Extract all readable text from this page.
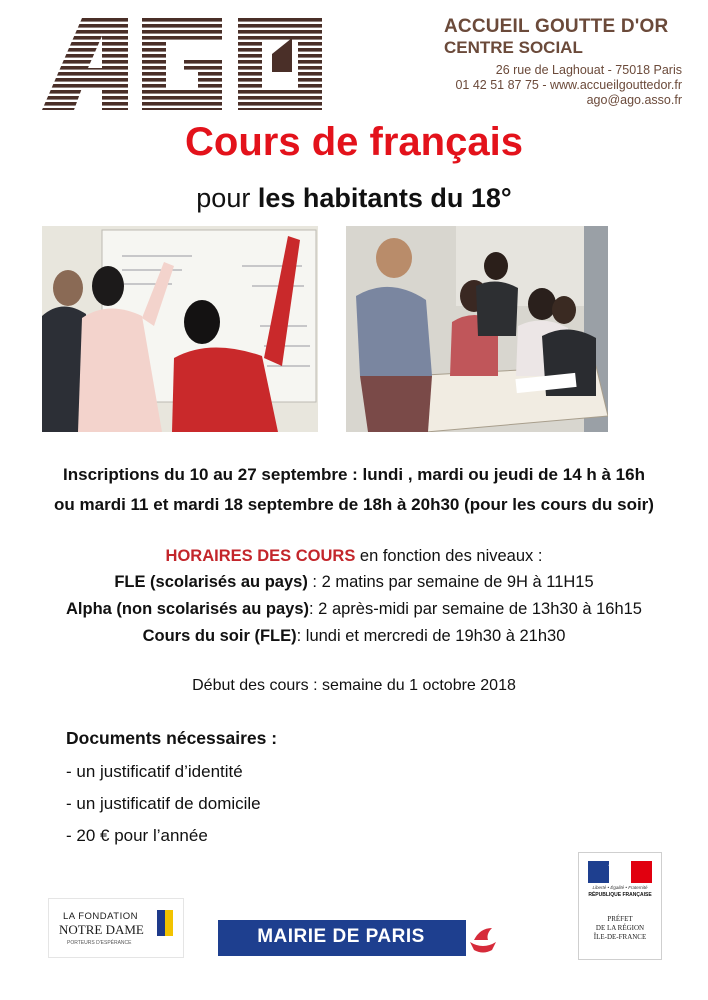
ACCUEIL GOUTTE D'OR
CENTRE SOCIAL
26 rue de Laghouat - 75018 Paris
01 42 51 87 75 - www.accueilgouttedor.fr
ago@ago.asso.fr
Cours de français
pour les habitants du 18°
Inscriptions du 10 au 27 septembre : lundi , mardi ou jeudi de 14 h à 16h
ou mardi 11 et mardi 18 septembre de 18h à 20h30 (pour les cours du soir)
HORAIRES DES COURS en fonction des niveaux :
FLE (scolarisés au pays) : 2 matins par semaine de 9H à 11H15
Alpha (non scolarisés au pays): 2 après-midi par semaine de 13h30 à 16h15
Cours du soir (FLE): lundi et mercredi de 19h30 à 21h30
Début des cours : semaine du 1 octobre 2018
Documents nécessaires :
- un justificatif d’identité
- un justificatif de domicile
- 20 € pour l’année
LA FONDATION
NOTRE DAME
PORTEURS D'ESPÉRANCE	MAIRIE DE PARIS
Liberté • Égalité • Fraternité
RÉPUBLIQUE FRANÇAISE
PRÉFET
DE LA RÉGION
ÎLE-DE-FRANCE
